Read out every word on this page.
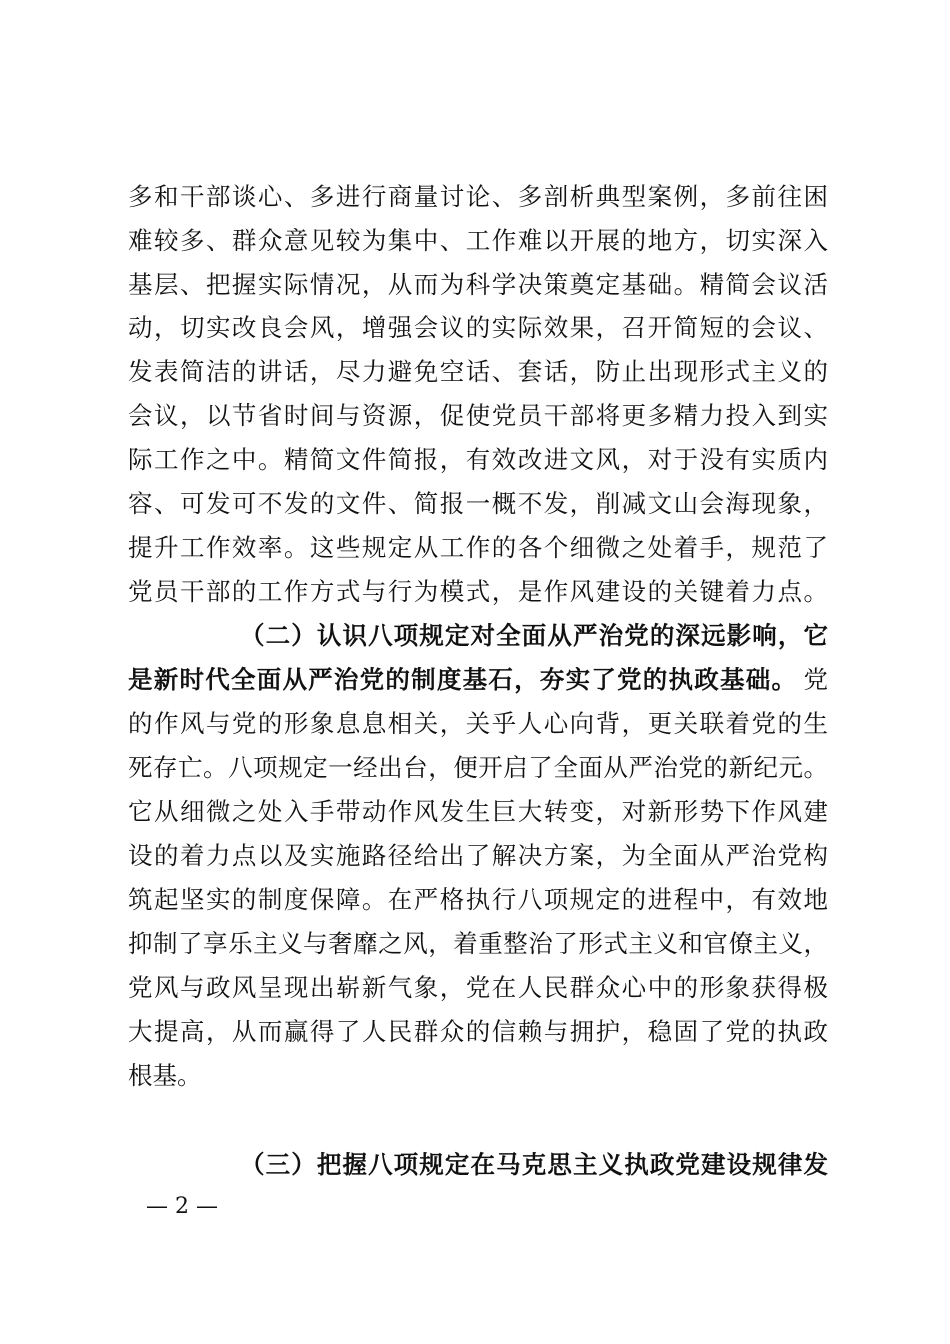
多和干部谈心、多进行商量讨论、多剖析典型案例，多前往困
难较多、群众意见较为集中、工作难以开展的地方，切实深入
基层、把握实际情况，从而为科学决策奠定基础。精简会议活
动，切实改良会风，增强会议的实际效果，召开简短的会议、
发表简洁的讲话，尽力避免空话、套话，防止出现形式主义的
会议，以节省时间与资源，促使党员干部将更多精力投入到实
际工作之中。精简文件简报，有效改进文风，对于没有实质内
容、可发可不发的文件、简报一概不发，削减文山会海现象，
提升工作效率。这些规定从工作的各个细微之处着手，规范了
党员干部的工作方式与行为模式，是作风建设的关键着力点。
（二）认识八项规定对全面从严治党的深远影响，它
是新时代全面从严治党的制度基石，夯实了党的执政基础。 党
的作风与党的形象息息相关，关乎人心向背，更关联着党的生
死存亡。八项规定一经出台，便开启了全面从严治党的新纪元。
它从细微之处入手带动作风发生巨大转变，对新形势下作风建
设的着力点以及实施路径给出了解决方案，为全面从严治党构
筑起坚实的制度保障。在严格执行八项规定的进程中，有效地
抑制了享乐主义与奢靡之风，着重整治了形式主义和官僚主义，
党风与政风呈现出崭新气象，党在人民群众心中的形象获得极
大提高，从而赢得了人民群众的信赖与拥护，稳固了党的执政
根基。
（三）把握八项规定在马克思主义执政党建设规律发
— 2 —
